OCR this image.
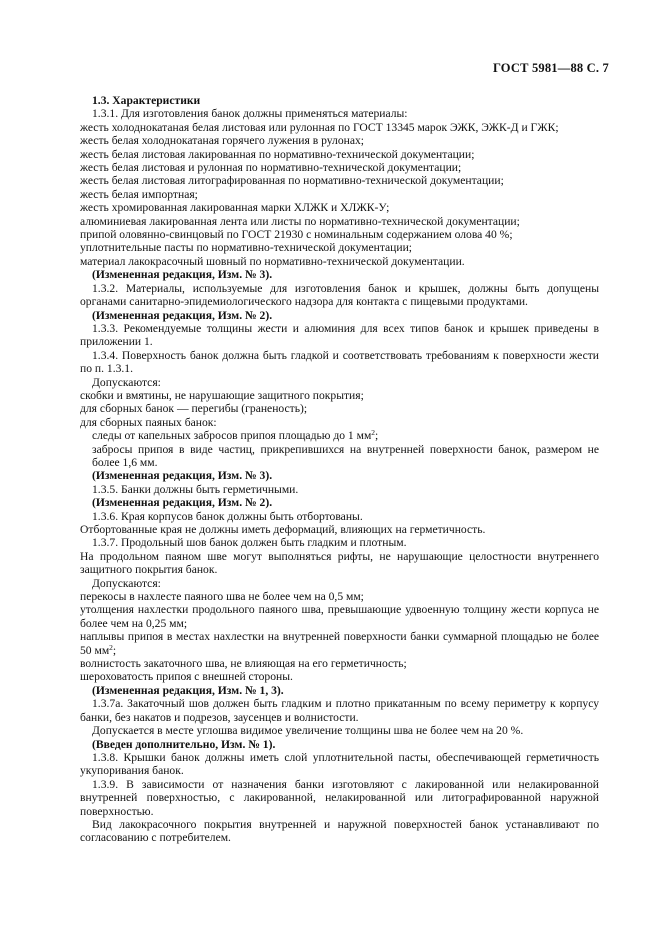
ГОСТ 5981—88 С. 7

1.3. Характеристики

1.3.1. Для изготовления банок должны применяться материалы:

жесть холоднокатаная белая листовая или рулонная по ГОСТ 13345 марок ЭЖК, ЭЖК-Д и ГЖК;

жесть белая холоднокатаная горячего лужения в рулонах;

жесть белая листовая лакированная по нормативно-технической документации;

жесть белая листовая и рулонная по нормативно-технической документации;

жесть белая листовая литографированная по нормативно-технической документации;

жесть белая импортная;

жесть хромированная лакированная марки ХЛЖК и ХЛЖК-У;

алюминиевая лакированная лента или листы по нормативно-технической документации;

припой оловянно-свинцовый по ГОСТ 21930 с номинальным содержанием олова 40 %;

уплотнительные пасты по нормативно-технической документации;

материал лакокрасочный шовный по нормативно-технической документации.

(Измененная редакция, Изм. № 3).

1.3.2. Материалы, используемые для изготовления банок и крышек, должны быть допущены органами санитарно-эпидемиологического надзора для контакта с пищевыми продуктами.

(Измененная редакция, Изм. № 2).

1.3.3. Рекомендуемые толщины жести и алюминия для всех типов банок и крышек приведены в приложении 1.

1.3.4. Поверхность банок должна быть гладкой и соответствовать требованиям к поверхности жести по п. 1.3.1.

Допускаются:

скобки и вмятины, не нарушающие защитного покрытия;

для сборных банок — перегибы (граненость);

для сборных паяных банок:

следы от капельных забросов припоя площадью до 1 $мм^2$;

забросы припоя в виде частиц, прикрепившихся на внутренней поверхности банок, размером не более 1,6 мм.

(Измененная редакция, Изм. № 3).

1.3.5. Банки должны быть герметичными.

(Измененная редакция, Изм. № 2).

1.3.6. Края корпусов банок должны быть отбортованы.

Отбортованные края не должны иметь деформаций, влияющих на герметичность.

1.3.7. Продольный шов банок должен быть гладким и плотным.

На продольном паяном шве могут выполняться рифты, не нарушающие целостности внутреннего защитного покрытия банок.

Допускаются:

перекосы в нахлесте паяного шва не более чем на 0,5 мм;

утолщения нахлестки продольного паяного шва, превышающие удвоенную толщину жести корпуса не более чем на 0,25 мм;

наплывы припоя в местах нахлестки на внутренней поверхности банки суммарной площадью не более 50 $мм^2$;

волнистость закаточного шва, не влияющая на его герметичность;

шероховатость припоя с внешней стороны.

(Измененная редакция, Изм. № 1, 3).

1.3.7а. Закаточный шов должен быть гладким и плотно прикатанным по всему периметру к корпусу банки, без накатов и подрезов, заусенцев и волнистости.

Допускается в месте углошва видимое увеличение толщины шва не более чем на 20 %.

(Введен дополнительно, Изм. № 1).

1.3.8. Крышки банок должны иметь слой уплотнительной пасты, обеспечивающей герметичность укупоривания банок.

1.3.9. В зависимости от назначения банки изготовляют с лакированной или нелакированной внутренней поверхностью, с лакированной, нелакированной или литографированной наружной поверхностью.

Вид лакокрасочного покрытия внутренней и наружной поверхностей банок устанавливают по согласованию с потребителем.
